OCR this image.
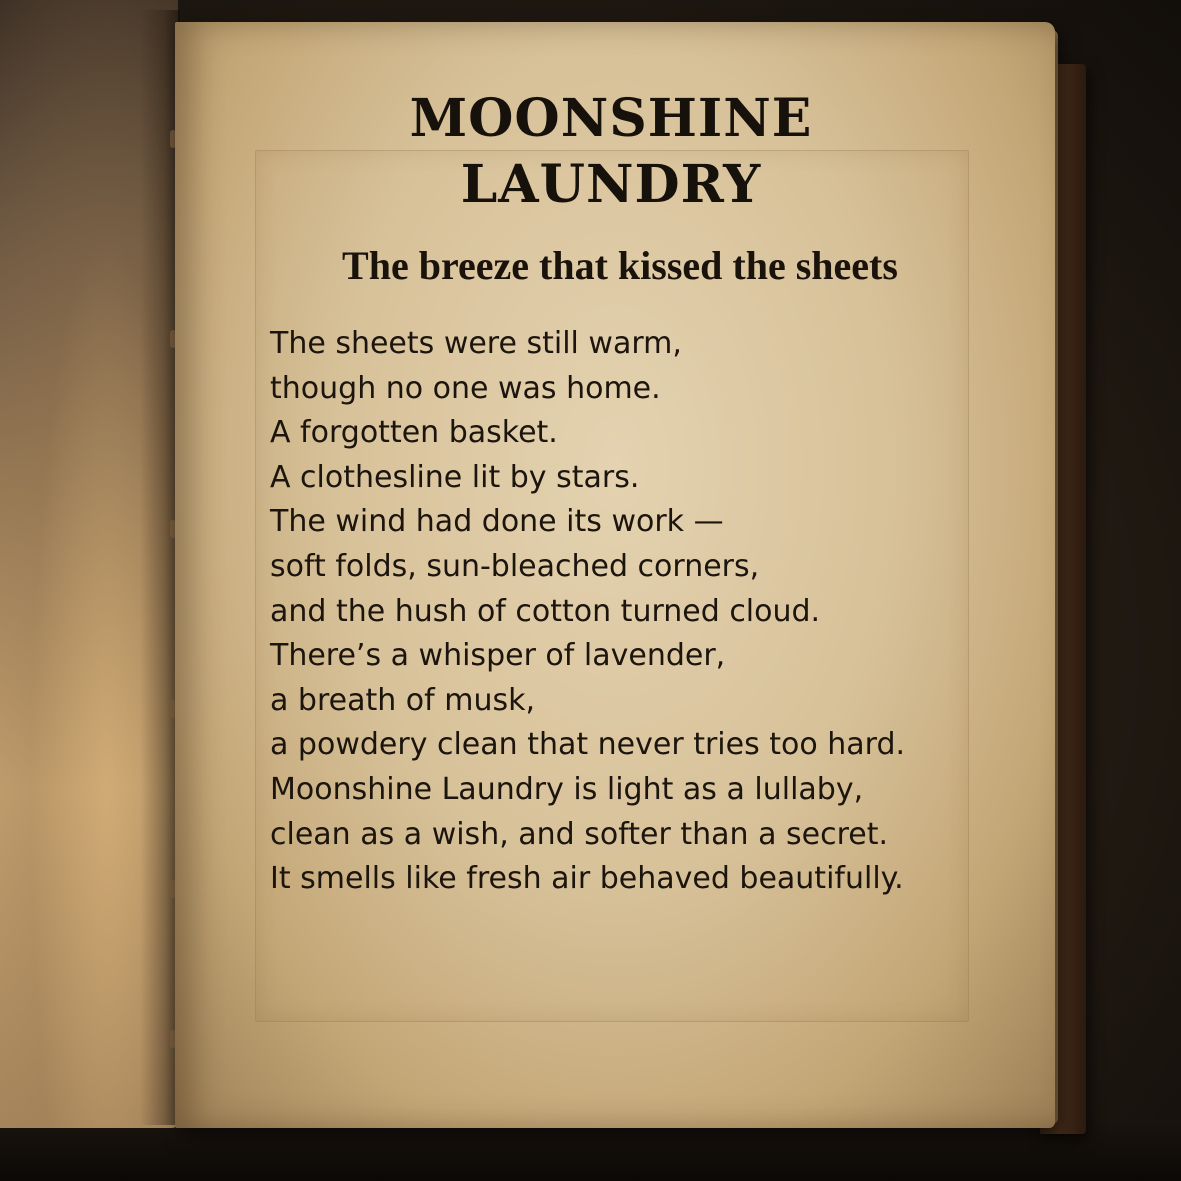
MOONSHINE
LAUNDRY
The breeze that kissed the sheets
The sheets were still warm,
though no one was home.
A forgotten basket.
A clothesline lit by stars.
The wind had done its work —
soft folds, sun-bleached corners,
and the hush of cotton turned cloud.
There’s a whisper of lavender,
a breath of musk,
a powdery clean that never tries too hard.
Moonshine Laundry is light as a lullaby,
clean as a wish, and softer than a secret.
It smells like fresh air behaved beautifully.
